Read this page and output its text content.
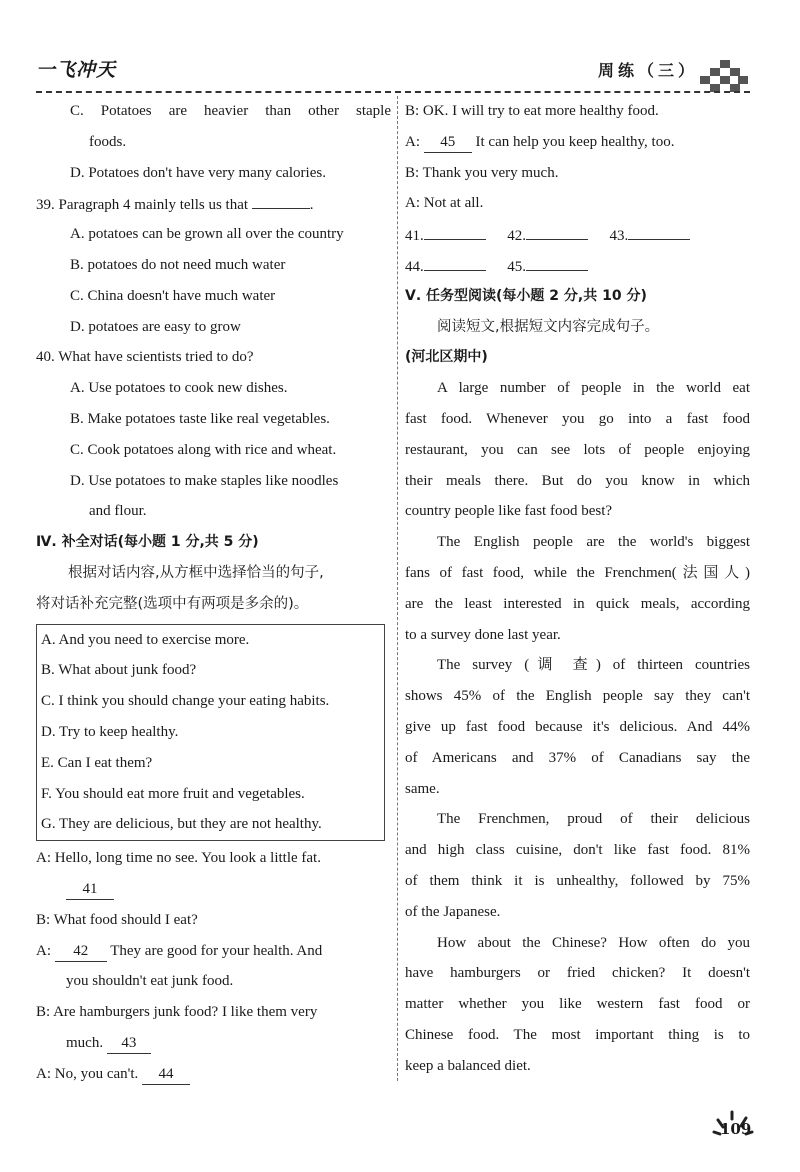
一飞冲天	周练（三）
C. Potatoes are heavier than other staple
foods.
D. Potatoes don't have very many calories.
39. Paragraph 4 mainly tells us that	.
A. potatoes can be grown all over the country
B. potatoes do not need much water
C. China doesn't have much water
D. potatoes are easy to grow
40. What have scientists tried to do?
A. Use potatoes to cook new dishes.
B. Make potatoes taste like real vegetables.
C. Cook potatoes along with rice and wheat.
D. Use potatoes to make staples like noodles
and flour.
Ⅳ. 补全对话(每小题 1 分,共 5 分)
根据对话内容,从方框中选择恰当的句子,
将对话补充完整(选项中有两项是多余的)。
A. And you need to exercise more.
B. What about junk food?
C. I think you should change your eating habits.
D. Try to keep healthy.
E. Can I eat them?
F. You should eat more fruit and vegetables.
G. They are delicious, but they are not healthy.
A: Hello, long time no see. You look a little fat.
41
B: What food should I eat?
A: 42 They are good for your health. And
you shouldn't eat junk food.
B: Are hamburgers junk food? I like them very
much. 43
A: No, you can't. 44
B: OK. I will try to eat more healthy food.
A: 45 It can help you keep healthy, too.
B: Thank you very much.
A: Not at all.
41.	42.	43.
44.	45.
Ⅴ. 任务型阅读(每小题 2 分,共 10 分)
阅读短文,根据短文内容完成句子。
(河北区期中)
A large number of people in the world eat
fast food. Whenever you go into a fast food
restaurant, you can see lots of people enjoying
their meals there. But do you know in which
country people like fast food best?
The English people are the world's biggest
fans of fast food, while the Frenchmen(法国人)
are the least interested in quick meals, according
to a survey done last year.
The survey (调 查) of thirteen countries
shows 45% of the English people say they can't
give up fast food because it's delicious. And 44%
of Americans and 37% of Canadians say the
same.
The Frenchmen, proud of their delicious
and high class cuisine, don't like fast food. 81%
of them think it is unhealthy, followed by 75%
of the Japanese.
How about the Chinese? How often do you
have hamburgers or fried chicken? It doesn't
matter whether you like western fast food or
Chinese food. The most important thing is to
keep a balanced diet.
109
